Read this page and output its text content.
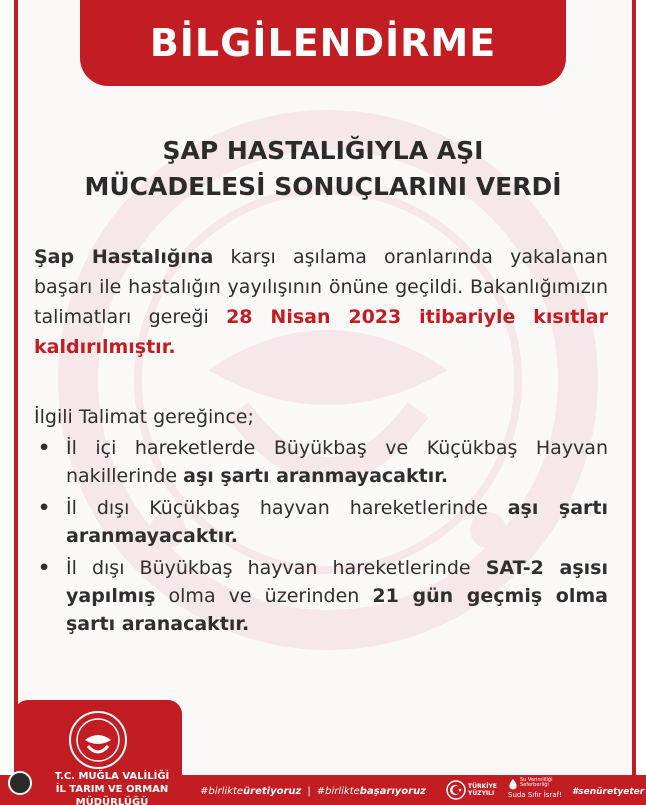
BİLGİLENDİRME
ŞAP HASTALIĞIYLA AŞI
MÜCADELESİ SONUÇLARINI VERDİ
Şap Hastalığına karşı aşılama oranlarında yakalanan başarı ile hastalığın yayılışının önüne geçildi. Bakanlığımızın talimatları gereği 28 Nisan 2023 itibariyle kısıtlar kaldırılmıştır.
İlgili Talimat gereğince;
• İl içi hareketlerde Büyükbaş ve Küçükbaş Hayvan nakillerinde aşı şartı aranmayacaktır.
• İl dışı Küçükbaş hayvan hareketlerinde aşı şartı aranmayacaktır.
• İl dışı Büyükbaş hayvan hareketlerinde SAT-2 aşısı yapılmış olma ve üzerinden 21 gün geçmiş olma şartı aranacaktır.
T.C. MUĞLA VALİLİĞİ
İL TARIM VE ORMAN MÜDÜRLÜĞÜ
#birlikteüretiyoruz | #birliktebaşarıyoruz	TÜRKİYE
YÜZYILI
Su Verimliliği Seferberliği
Suda Sıfır İsraf!	#senüretyeter
